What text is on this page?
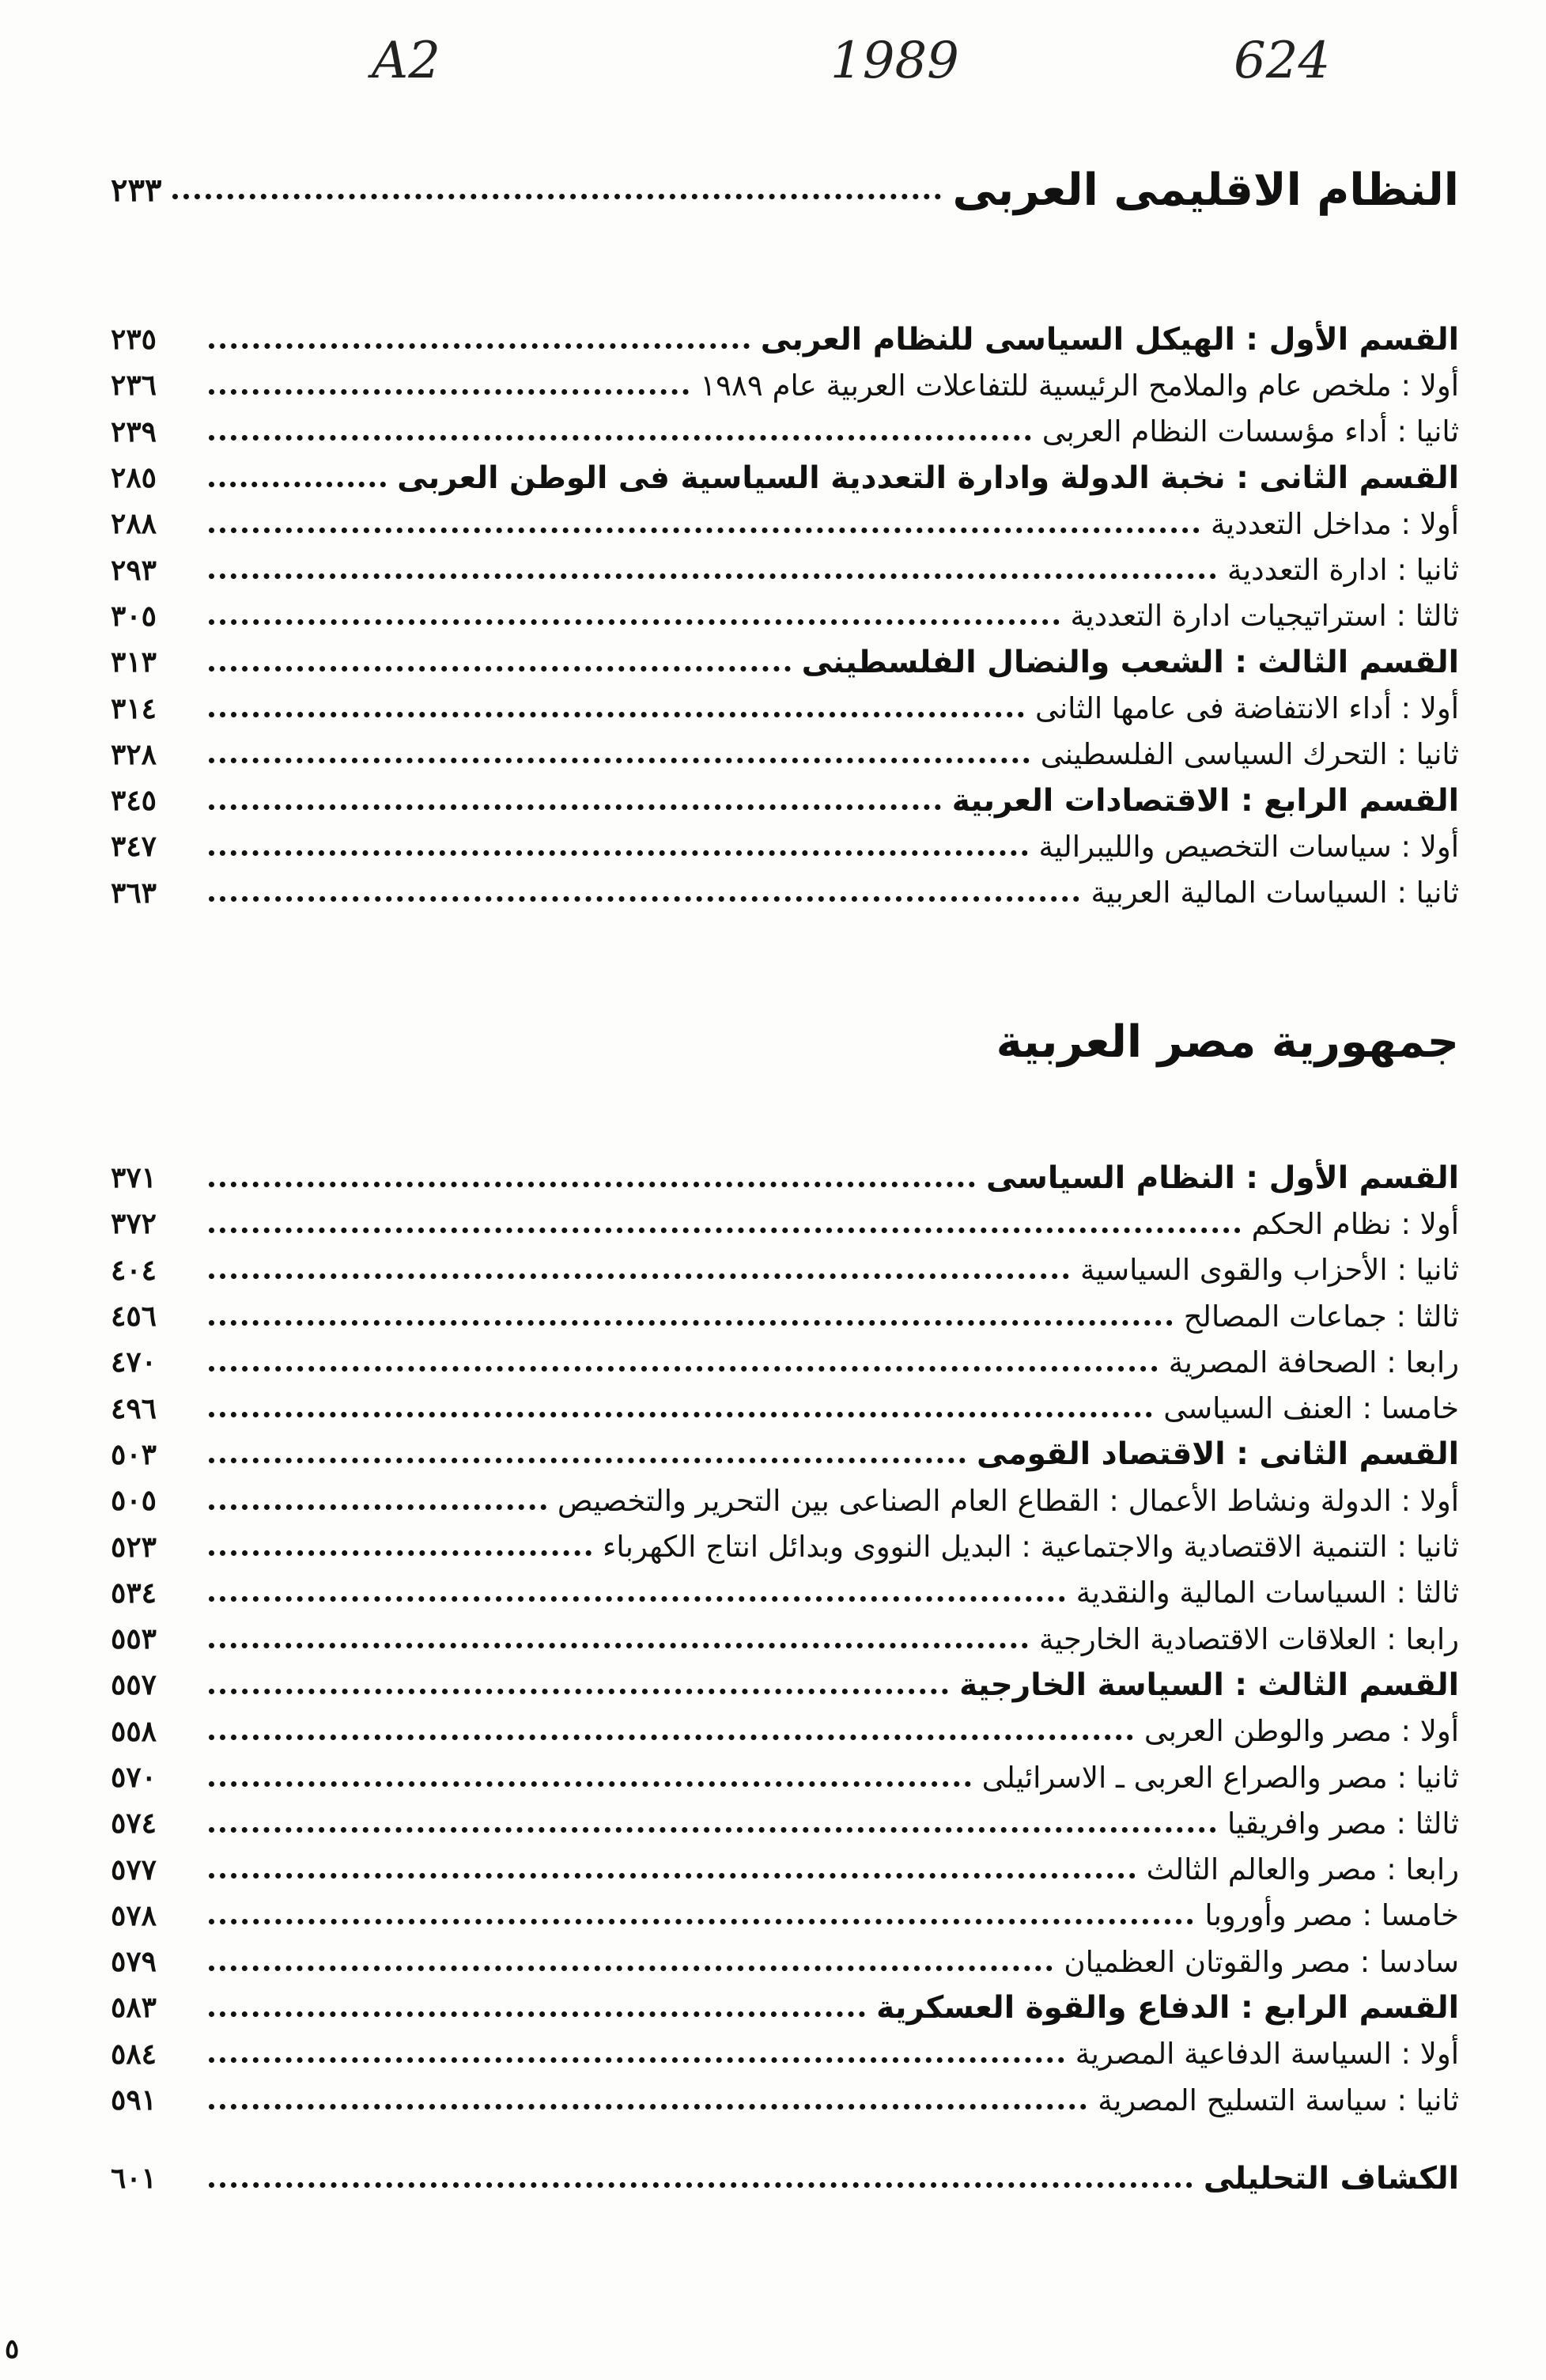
A2	1989	624
النظام الاقليمى العربى
٢٣٣
القسم الأول : الهيكل السياسى للنظام العربى
٢٣٥
أولا : ملخص عام والملامح الرئيسية للتفاعلات العربية عام ١٩٨٩
٢٣٦
ثانيا : أداء مؤسسات النظام العربى
٢٣٩
القسم الثانى : نخبة الدولة وادارة التعددية السياسية فى الوطن العربى
٢٨٥
أولا : مداخل التعددية
٢٨٨
ثانيا : ادارة التعددية
٢٩٣
ثالثا : استراتيجيات ادارة التعددية
٣٠٥
القسم الثالث : الشعب والنضال الفلسطينى
٣١٣
أولا : أداء الانتفاضة فى عامها الثانى
٣١٤
ثانيا : التحرك السياسى الفلسطينى
٣٢٨
القسم الرابع : الاقتصادات العربية
٣٤٥
أولا : سياسات التخصيص والليبرالية
٣٤٧
ثانيا : السياسات المالية العربية
٣٦٣
جمهورية مصر العربية
القسم الأول : النظام السياسى
٣٧١
أولا : نظام الحكم
٣٧٢
ثانيا : الأحزاب والقوى السياسية
٤٠٤
ثالثا : جماعات المصالح
٤٥٦
رابعا : الصحافة المصرية
٤٧٠
خامسا : العنف السياسى
٤٩٦
القسم الثانى : الاقتصاد القومى
٥٠٣
أولا : الدولة ونشاط الأعمال : القطاع العام الصناعى بين التحرير والتخصيص
٥٠٥
ثانيا : التنمية الاقتصادية والاجتماعية : البديل النووى وبدائل انتاج الكهرباء
٥٢٣
ثالثا : السياسات المالية والنقدية
٥٣٤
رابعا : العلاقات الاقتصادية الخارجية
٥٥٣
القسم الثالث : السياسة الخارجية
٥٥٧
أولا : مصر والوطن العربى
٥٥٨
ثانيا : مصر والصراع العربى ـ الاسرائيلى
٥٧٠
ثالثا : مصر وافريقيا
٥٧٤
رابعا : مصر والعالم الثالث
٥٧٧
خامسا : مصر وأوروبا
٥٧٨
سادسا : مصر والقوتان العظميان
٥٧٩
القسم الرابع : الدفاع والقوة العسكرية
٥٨٣
أولا : السياسة الدفاعية المصرية
٥٨٤
ثانيا : سياسة التسليح المصرية
٥٩١
الكشاف التحليلى
٦٠١
٥
